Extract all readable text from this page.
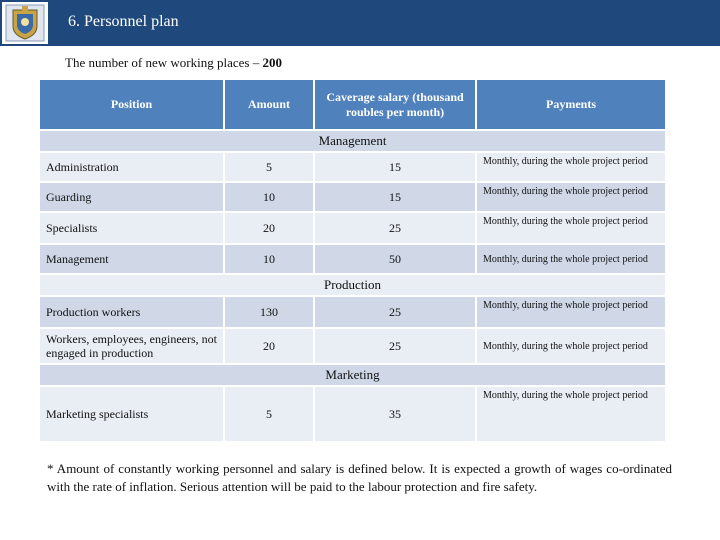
6. Personnel plan
The number of new working places – 200
Position	Amount	Caverage salary (thousand roubles per month)	Payments
Management			
Administration	5	15	Monthly, during the whole project period
Guarding	10	15	Monthly, during the whole project period
Specialists	20	25	Monthly, during the whole project period
Management	10	50	Monthly, during the whole project period
Production			
Production workers	130	25	Monthly, during the whole project period
Workers, employees, engineers, not engaged in production	20	25	Monthly, during the whole project period
Marketing			
Marketing specialists	5	35	Monthly, during the whole project period
* Amount of constantly working personnel and salary is defined below. It is expected a growth of wages co-ordinated with the rate of inflation. Serious attention will be paid to the labour protection and fire safety.
